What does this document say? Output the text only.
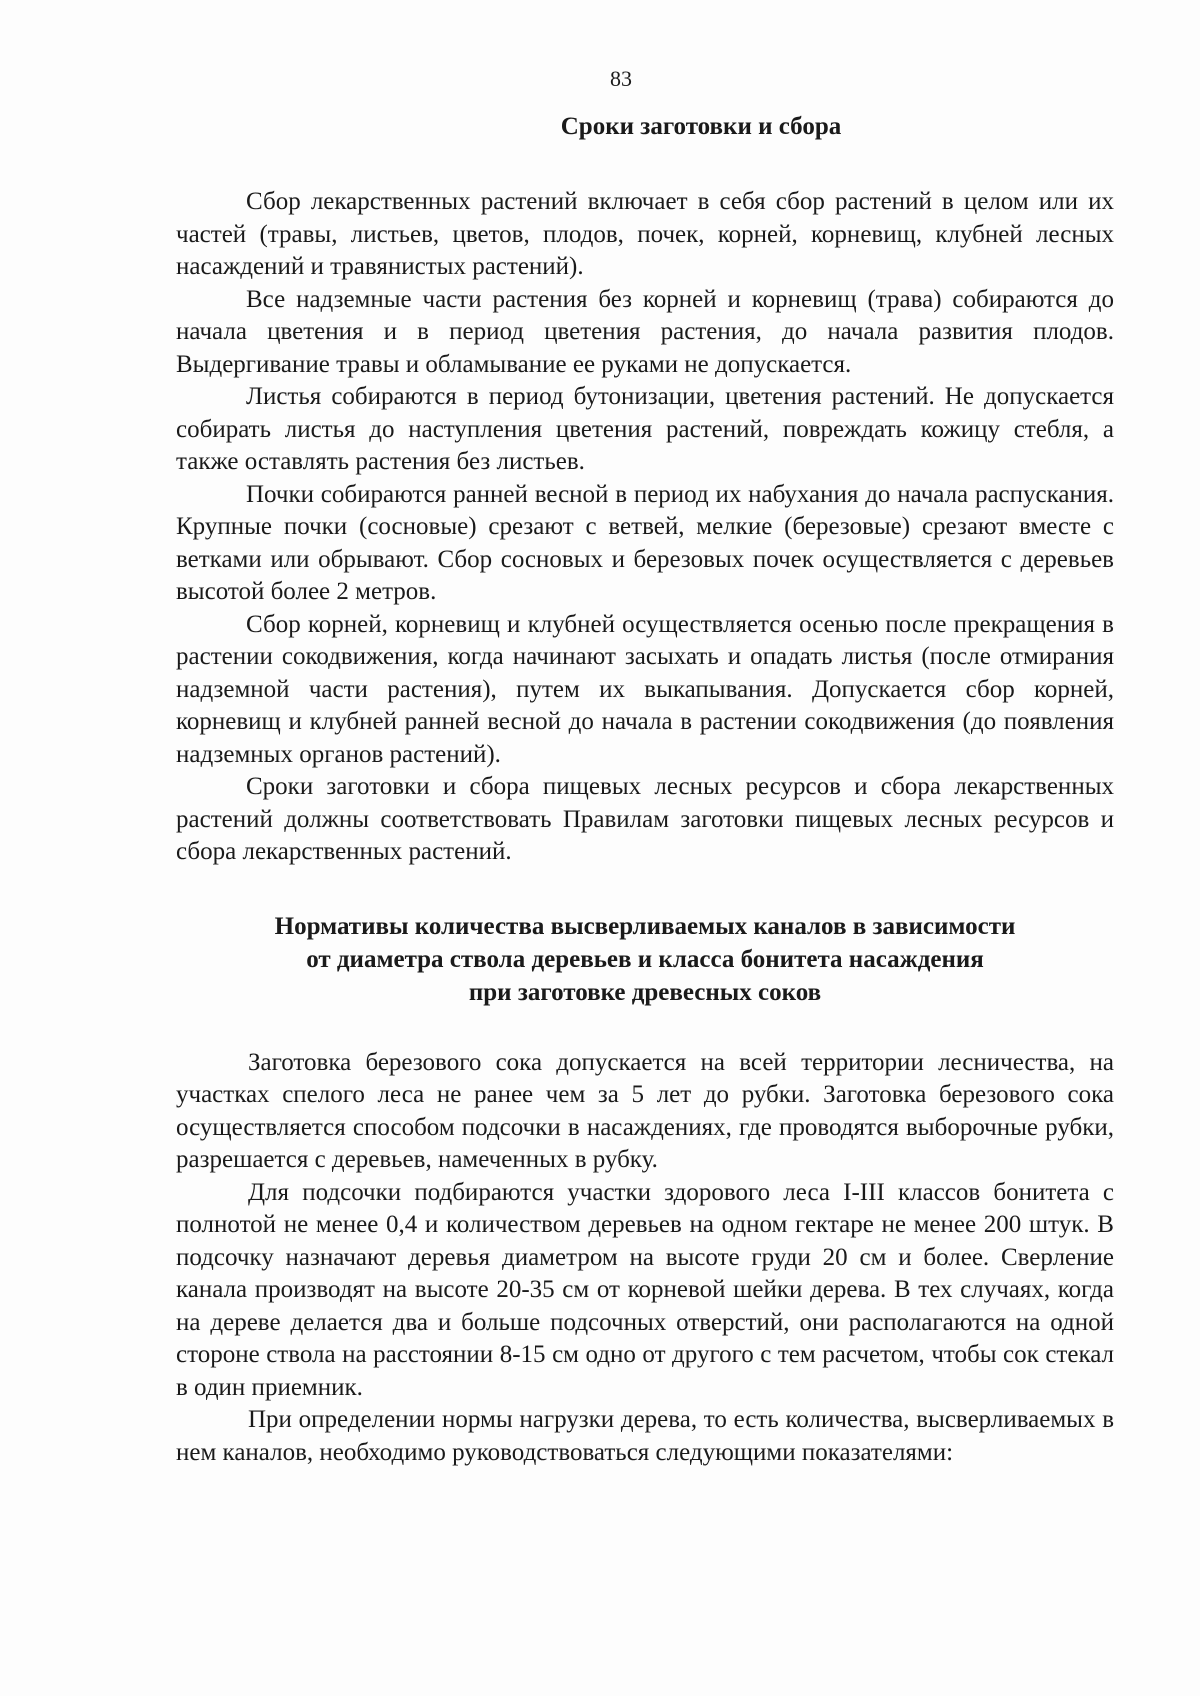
83
Сроки заготовки и сбора

Сбор лекарственных растений включает в себя сбор растений в целом или их частей (травы, листьев, цветов, плодов, почек, корней, корневищ, клубней лесных насаждений и травянистых растений).

Все надземные части растения без корней и корневищ (трава) собираются до начала цветения и в период цветения растения, до начала развития плодов. Выдергивание травы и обламывание ее руками не допускается.

Листья собираются в период бутонизации, цветения растений. Не допускается собирать листья до наступления цветения растений, повреждать кожицу стебля, а также оставлять растения без листьев.

Почки собираются ранней весной в период их набухания до начала распускания. Крупные почки (сосновые) срезают с ветвей, мелкие (березовые) срезают вместе с ветками или обрывают. Сбор сосновых и березовых почек осуществляется с деревьев высотой более 2 метров.

Сбор корней, корневищ и клубней осуществляется осенью после прекращения в растении сокодвижения, когда начинают засыхать и опадать листья (после отмирания надземной части растения), путем их выкапывания. Допускается сбор корней, корневищ и клубней ранней весной до начала в растении сокодвижения (до появления надземных органов растений).

Сроки заготовки и сбора пищевых лесных ресурсов и сбора лекарственных растений должны соответствовать Правилам заготовки пищевых лесных ресурсов и сбора лекарственных растений.

Нормативы количества высверливаемых каналов в зависимости
от диаметра ствола деревьев и класса бонитета насаждения
при заготовке древесных соков

Заготовка березового сока допускается на всей территории лесничества, на участках спелого леса не ранее чем за 5 лет до рубки. Заготовка березового сока осуществляется способом подсочки в насаждениях, где проводятся выборочные рубки, разрешается с деревьев, намеченных в рубку.

Для подсочки подбираются участки здорового леса I-III классов бонитета с полнотой не менее 0,4 и количеством деревьев на одном гектаре не менее 200 штук. В подсочку назначают деревья диаметром на высоте груди 20 см и более. Сверление канала производят на высоте 20-35 см от корневой шейки дерева. В тех случаях, когда на дереве делается два и больше подсочных отверстий, они располагаются на одной стороне ствола на расстоянии 8-15 см одно от другого с тем расчетом, чтобы сок стекал в один приемник.

При определении нормы нагрузки дерева, то есть количества, высверливаемых в нем каналов, необходимо руководствоваться следующими показателями:
